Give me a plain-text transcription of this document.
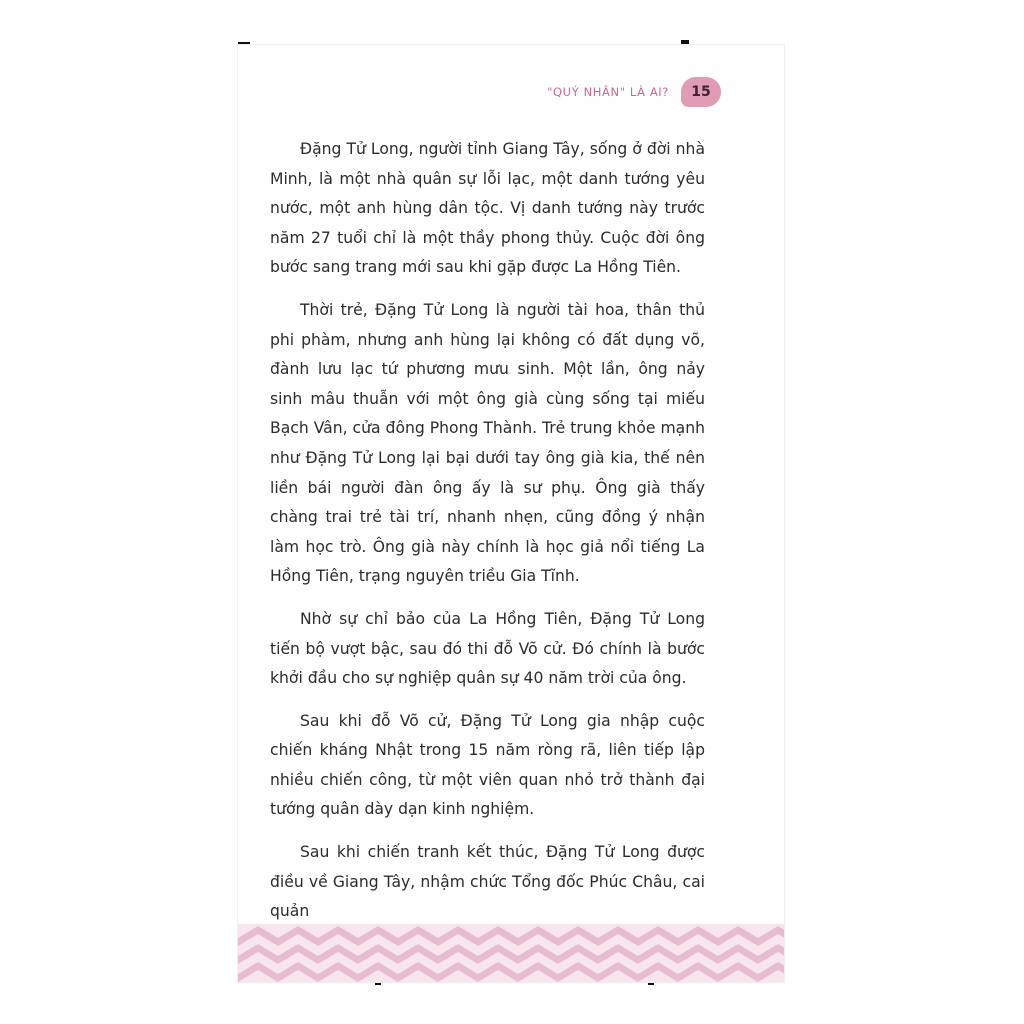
"QUÝ NHÂN" LÀ AI? 15

Đặng Tử Long, người tỉnh Giang Tây, sống ở đời nhà Minh, là một nhà quân sự lỗi lạc, một danh tướng yêu nước, một anh hùng dân tộc. Vị danh tướng này trước năm 27 tuổi chỉ là một thầy phong thủy. Cuộc đời ông bước sang trang mới sau khi gặp được La Hồng Tiên.

Thời trẻ, Đặng Tử Long là người tài hoa, thân thủ phi phàm, nhưng anh hùng lại không có đất dụng võ, đành lưu lạc tứ phương mưu sinh. Một lần, ông nảy sinh mâu thuẫn với một ông già cùng sống tại miếu Bạch Vân, cửa đông Phong Thành. Trẻ trung khỏe mạnh như Đặng Tử Long lại bại dưới tay ông già kia, thế nên liền bái người đàn ông ấy là sư phụ. Ông già thấy chàng trai trẻ tài trí, nhanh nhẹn, cũng đồng ý nhận làm học trò. Ông già này chính là học giả nổi tiếng La Hồng Tiên, trạng nguyên triều Gia Tĩnh.

Nhờ sự chỉ bảo của La Hồng Tiên, Đặng Tử Long tiến bộ vượt bậc, sau đó thi đỗ Võ cử. Đó chính là bước khởi đầu cho sự nghiệp quân sự 40 năm trời của ông.

Sau khi đỗ Võ cử, Đặng Tử Long gia nhập cuộc chiến kháng Nhật trong 15 năm ròng rã, liên tiếp lập nhiều chiến công, từ một viên quan nhỏ trở thành đại tướng quân dày dạn kinh nghiệm.

Sau khi chiến tranh kết thúc, Đặng Tử Long được điều về Giang Tây, nhậm chức Tổng đốc Phúc Châu, cai quản
